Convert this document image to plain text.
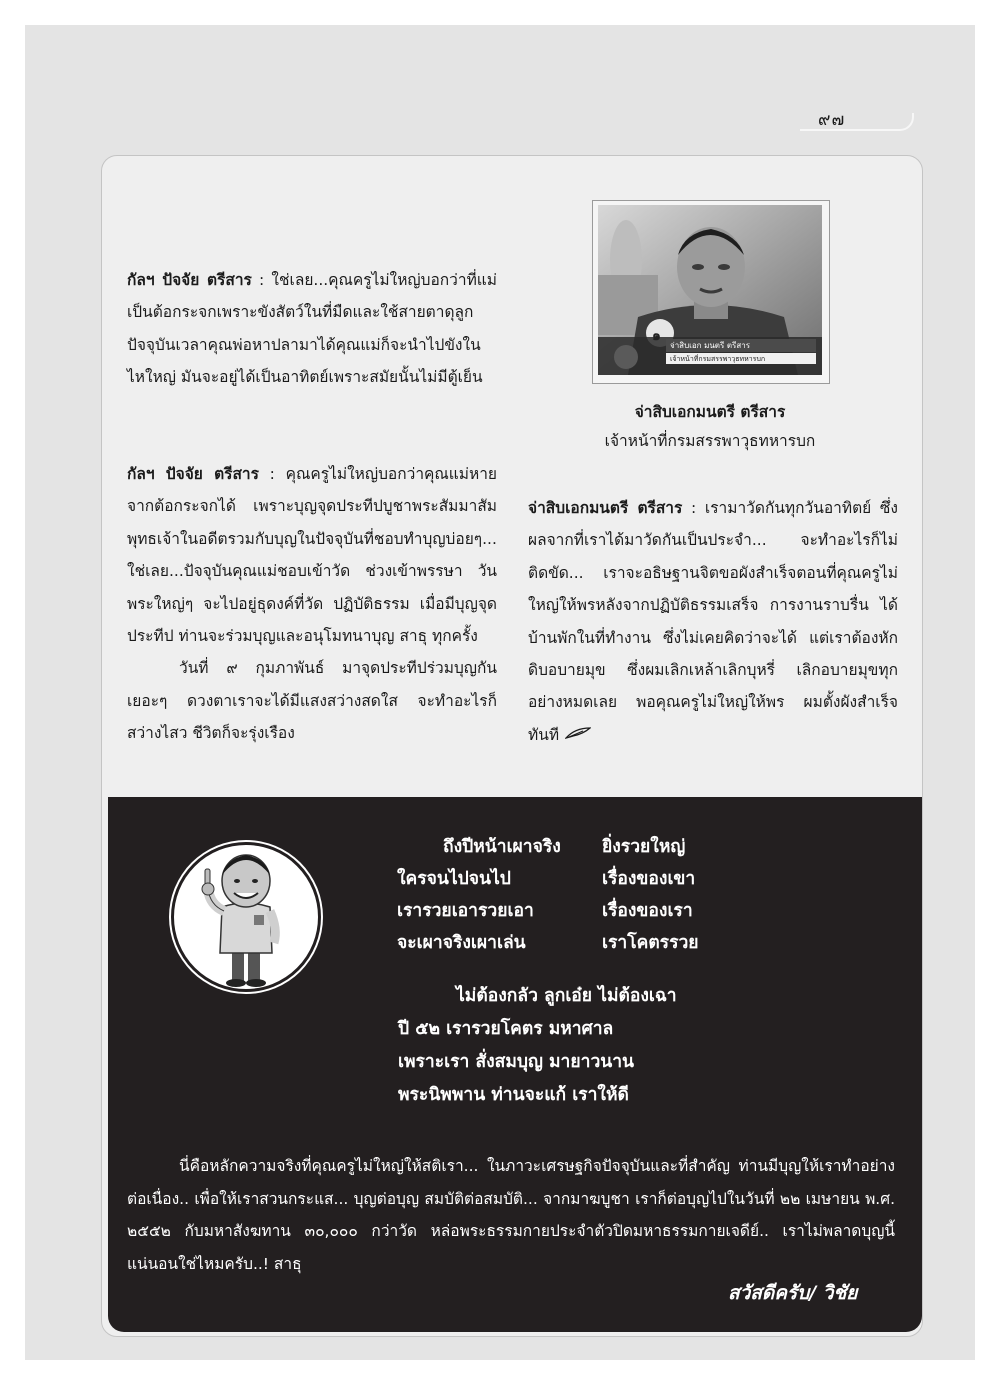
๙๗

กัลฯ ปัจจัย ตรีสาร : ใช่เลย...คุณครูไม่ใหญ่บอกว่าที่แม่เป็นต้อกระจกเพราะขังสัตว์ในที่มืดและใช้สายตาดุลูก ปัจจุบันเวลาคุณพ่อหาปลามาได้คุณแม่ก็จะนำไปขังในไหใหญ่ มันจะอยู่ได้เป็นอาทิตย์เพราะสมัยนั้นไม่มีตู้เย็น

กัลฯ ปัจจัย ตรีสาร : คุณครูไม่ใหญ่บอกว่าคุณแม่หายจากต้อกระจกได้ เพราะบุญจุดประทีปบูชาพระสัมมาสัมพุทธเจ้าในอดีตรวมกับบุญในปัจจุบันที่ชอบทำบุญบ่อยๆ... ใช่เลย...ปัจจุบันคุณแม่ชอบเข้าวัด ช่วงเข้าพรรษา วันพระใหญ่ๆ จะไปอยู่ธุดงค์ที่วัด ปฏิบัติธรรม เมื่อมีบุญจุดประทีป ท่านจะร่วมบุญและอนุโมทนาบุญ สาธุ ทุกครั้ง

วันที่ ๙ กุมภาพันธ์ มาจุดประทีปร่วมบุญกันเยอะๆ ดวงตาเราจะได้มีแสงสว่างสดใส จะทำอะไรก็สว่างไสว ชีวิตก็จะรุ่งเรือง

๑
จ่าสิบเอก มนตรี ตรีสาร
เจ้าหน้าที่กรมสรรพาวุธทหารบก
จ่าสิบเอกมนตรี ตรีสาร
เจ้าหน้าที่กรมสรรพาวุธทหารบก

จ่าสิบเอกมนตรี ตรีสาร : เรามาวัดกันทุกวันอาทิตย์ ซึ่งผลจากที่เราได้มาวัดกันเป็นประจำ... จะทำอะไรก็ไม่ติดขัด... เราจะอธิษฐานจิตขอผังสำเร็จตอนที่คุณครูไม่ใหญ่ให้พรหลังจากปฏิบัติธรรมเสร็จ การงานราบรื่น ได้บ้านพักในที่ทำงาน ซึ่งไม่เคยคิดว่าจะได้ แต่เราต้องหักดิบอบายมุข ซึ่งผมเลิกเหล้าเลิกบุหรี่ เลิกอบายมุขทุกอย่างหมดเลย พอคุณครูไม่ใหญ่ให้พร ผมตั้งผังสำเร็จทันที

ถึงปีหน้าเผาจริง ยิ่งรวยใหญ่
ใครจนไปจนไป	เรื่องของเขา
เรารวยเอารวยเอา	เรื่องของเรา
จะเผาจริงเผาเล่น	เราโคตรรวย

ไม่ต้องกลัว ลูกเอ๋ย ไม่ต้องเฉา

ปี ๕๒ เรารวยโคตร มหาศาล

เพราะเรา สั่งสมบุญ มายาวนาน

พระนิพพาน ท่านจะแก้ เราให้ดี

นี่คือหลักความจริงที่คุณครูไม่ใหญ่ให้สติเรา... ในภาวะเศรษฐกิจปัจจุบันและที่สำคัญ ท่านมีบุญให้เราทำอย่างต่อเนื่อง.. เพื่อให้เราสวนกระแส... บุญต่อบุญ สมบัติต่อสมบัติ... จากมาฆบูชา เราก็ต่อบุญไปในวันที่ ๒๒ เมษายน พ.ศ. ๒๕๕๒ กับมหาสังฆทาน ๓๐,๐๐๐ กว่าวัด หล่อพระธรรมกายประจำตัวปิดมหาธรรมกายเจดีย์.. เราไม่พลาดบุญนี้แน่นอนใช่ไหมครับ..! สาธุ

สวัสดีครับ/ วิชัย
